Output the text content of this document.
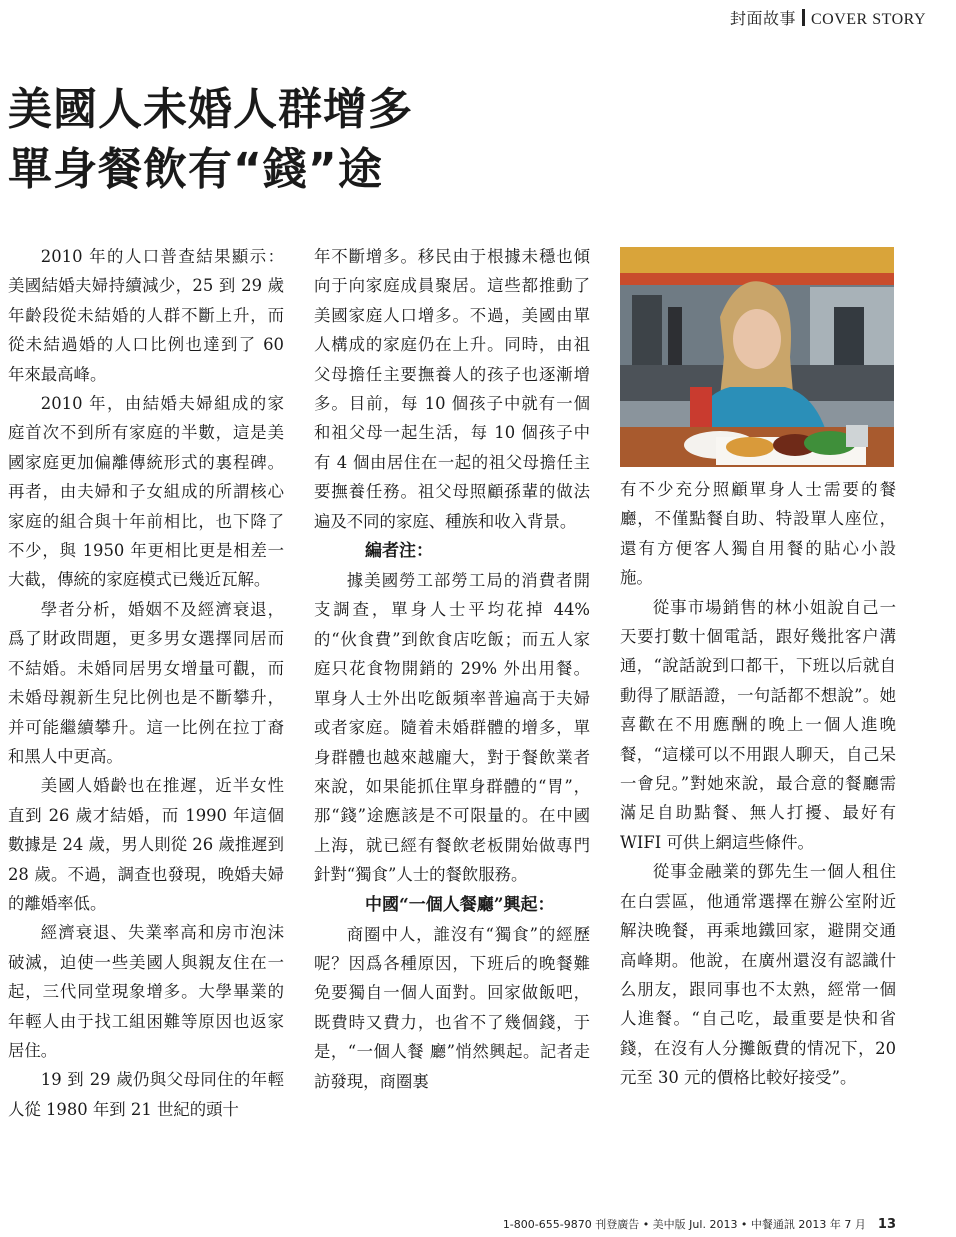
封面故事 COVER STORY
美國人未婚人群增多
單身餐飲有“錢”途

2010 年的人口普查結果顯示：美國結婚夫婦持續減少，25 到 29 歲年齡段從未結婚的人群不斷上升，而從未結過婚的人口比例也達到了 60 年來最高峰。

2010 年，由結婚夫婦組成的家庭首次不到所有家庭的半數，這是美國家庭更加偏離傳統形式的裏程碑。再者，由夫婦和子女組成的所謂核心家庭的組合與十年前相比，也下降了不少，與 1950 年更相比更是相差一大截，傳統的家庭模式已幾近瓦解。

學者分析，婚姻不及經濟衰退，爲了財政問題，更多男女選擇同居而不結婚。未婚同居男女增量可觀，而未婚母親新生兒比例也是不斷攀升，并可能繼續攀升。這一比例在拉丁裔和黑人中更高。

美國人婚齡也在推遲，近半女性直到 26 歲才結婚，而 1990 年這個數據是 24 歲，男人則從 26 歲推遲到 28 歲。不過，調查也發現，晚婚夫婦的離婚率低。

經濟衰退、失業率高和房市泡沫破滅，迫使一些美國人與親友住在一起，三代同堂現象增多。大學畢業的年輕人由于找工組困難等原因也返家居住。

19 到 29 歲仍與父母同住的年輕人從 1980 年到 21 世紀的頭十

年不斷增多。移民由于根據未穩也傾向于向家庭成員聚居。這些都推動了美國家庭人口增多。不過，美國由單人構成的家庭仍在上升。同時，由祖父母擔任主要撫養人的孩子也逐漸增多。目前，每 10 個孩子中就有一個和祖父母一起生活，每 10 個孩子中有 4 個由居住在一起的祖父母擔任主要撫養任務。祖父母照顧孫輩的做法遍及不同的家庭、種族和收入背景。

編者注：

據美國勞工部勞工局的消費者開支調查，單身人士平均花掉 44% 的“伙食費”到飲食店吃飯；而五人家庭只花食物開銷的 29% 外出用餐。單身人士外出吃飯頻率普遍高于夫婦或者家庭。隨着未婚群體的增多，單身群體也越來越龐大，對于餐飲業者來說，如果能抓住單身群體的“胃”，那“錢”途應該是不可限量的。在中國上海，就已經有餐飲老板開始做專門針對“獨食”人士的餐飲服務。

中國“一個人餐廳”興起：

商圈中人，誰沒有“獨食”的經歷呢？因爲各種原因，下班后的晚餐難免要獨自一個人面對。回家做飯吧，既費時又費力，也省不了幾個錢，于是，“一個人餐 廳”悄然興起。記者走訪發現，商圈裏

有不少充分照顧單身人士需要的餐廳，不僅點餐自助、特設單人座位，還有方便客人獨自用餐的貼心小設施。

從事市場銷售的林小姐說自己一天要打數十個電話，跟好幾批客户溝通，“說話說到口都干，下班以后就自動得了厭語證，一句話都不想說”。她喜歡在不用應酬的晚上一個人進晚餐，“這樣可以不用跟人聊天，自己呆一會兒。”對她來說，最合意的餐廳需滿足自助點餐、無人打擾、最好有 WIFI 可供上網這些條件。

從事金融業的鄧先生一個人租住在白雲區，他通常選擇在辦公室附近解決晚餐，再乘地鐵回家，避開交通高峰期。他說，在廣州還沒有認識什么朋友，跟同事也不太熟，經常一個人進餐。“自己吃，最重要是快和省錢，在沒有人分攤飯費的情况下，20 元至 30 元的價格比較好接受”。

1-800-655-9870 刊登廣告 • 美中版 Jul. 2013 • 中餐通訊 2013 年 7 月 13
